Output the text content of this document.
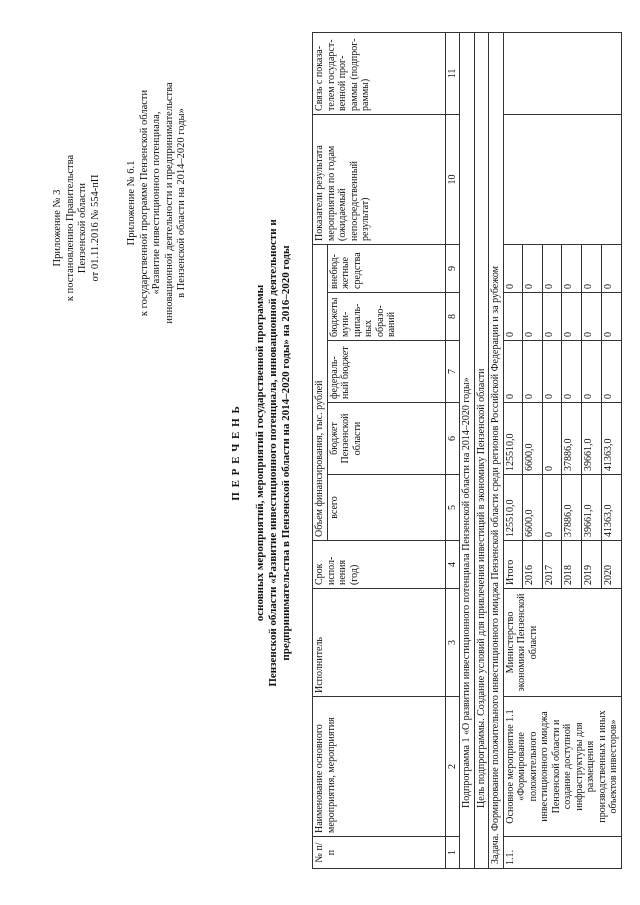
Приложение № 3 к постановлению Правительства Пензенской области от 01.11.2016 № 554-пП Приложение № 6.1 к государственной программе Пензенской области «Развитие инвестиционного потенциала, инновационной деятельности и предпринимательства в Пензенской области на 2014–2020 годы»
П Е Р Е Ч Е Н Ь основных мероприятий, мероприятий государственной программы Пензенской области «Развитие инвестиционного потенциала, инновационной деятельности и предпринимательства в Пензенской области на 2014–2020 годы» на 2016–2020 годы
№ п/п	Наименование основного мероприятия, мероприятия	Исполнитель	Срок испол-нения (год)	Объем финансирования, тыс. рублей					Показатели результата мероприятия по годам (ожидаемый непосредственный результат)	Связь с показа-телем государст-венной прог-раммы (подпрог-раммы)
				всего	бюджет Пензенской области	федераль-ный бюджет	бюджеты муни-ципаль-ных образо-ваний	внебюд-жетные средства		
1	2	3	4	5	6	7	8	9	10	11
Подпрограмма 1 «О развитии инвестиционного потенциала Пензенской области на 2014–2020 годы»										
Цель подпрограммы. Создание условий для привлечения инвестиций в экономику Пензенской области										
Задача. Формирование положительного инвестиционного имиджа Пензенской области среди регионов Российской Федерации и за рубежом										
1.1.	Основное мероприятие 1.1 «Формирование положительного инвестиционного имиджа Пензенской области и создание доступной инфраструктуры для размещения производственных и иных объектов инвесторов»	Министерство экономики Пензенской области	Итого	125510,0	125510,0	0	0	0		
			2016	6600,0	6600,0	0	0	0		
			2017	0	0	0	0	0		
			2018	37886,0	37886,0	0	0	0		
			2019	39661,0	39661,0	0	0	0		
			2020	41363,0	41363,0	0	0	0		
